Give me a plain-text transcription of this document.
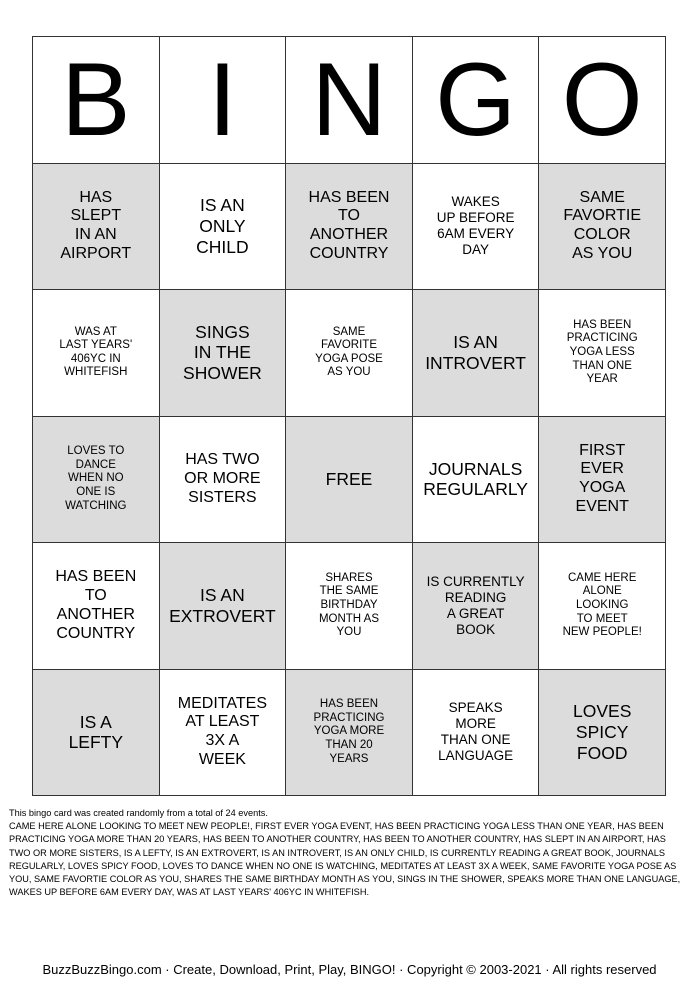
B I N G O
HAS
SLEPT
IN AN
AIRPORT
IS AN
ONLY
CHILD
HAS BEEN
TO
ANOTHER
COUNTRY
WAKES
UP BEFORE
6AM EVERY
DAY
SAME
FAVORTIE
COLOR
AS YOU
WAS AT
LAST YEARS'
406YC IN
WHITEFISH
SINGS
IN THE
SHOWER
SAME
FAVORITE
YOGA POSE
AS YOU
IS AN
INTROVERT
HAS BEEN
PRACTICING
YOGA LESS
THAN ONE
YEAR
LOVES TO
DANCE
WHEN NO
ONE IS
WATCHING
HAS TWO
OR MORE
SISTERS
FREE
JOURNALS
REGULARLY
FIRST
EVER
YOGA
EVENT
HAS BEEN
TO
ANOTHER
COUNTRY
IS AN
EXTROVERT
SHARES
THE SAME
BIRTHDAY
MONTH AS
YOU
IS CURRENTLY
READING
A GREAT
BOOK
CAME HERE
ALONE
LOOKING
TO MEET
NEW PEOPLE!
IS A
LEFTY
MEDITATES
AT LEAST
3X A
WEEK
HAS BEEN
PRACTICING
YOGA MORE
THAN 20
YEARS
SPEAKS
MORE
THAN ONE
LANGUAGE
LOVES
SPICY
FOOD

This bingo card was created randomly from a total of 24 events.

CAME HERE ALONE LOOKING TO MEET NEW PEOPLE!, FIRST EVER YOGA EVENT, HAS BEEN PRACTICING YOGA LESS THAN ONE YEAR, HAS BEEN PRACTICING YOGA MORE THAN 20 YEARS, HAS BEEN TO ANOTHER COUNTRY, HAS BEEN TO ANOTHER COUNTRY, HAS SLEPT IN AN AIRPORT, HAS TWO OR MORE SISTERS, IS A LEFTY, IS AN EXTROVERT, IS AN INTROVERT, IS AN ONLY CHILD, IS CURRENTLY READING A GREAT BOOK, JOURNALS REGULARLY, LOVES SPICY FOOD, LOVES TO DANCE WHEN NO ONE IS WATCHING, MEDITATES AT LEAST 3X A WEEK, SAME FAVORITE YOGA POSE AS YOU, SAME FAVORTIE COLOR AS YOU, SHARES THE SAME BIRTHDAY MONTH AS YOU, SINGS IN THE SHOWER, SPEAKS MORE THAN ONE LANGUAGE, WAKES UP BEFORE 6AM EVERY DAY, WAS AT LAST YEARS' 406YC IN WHITEFISH.

BuzzBuzzBingo.com · Create, Download, Print, Play, BINGO! · Copyright © 2003-2021 · All rights reserved
